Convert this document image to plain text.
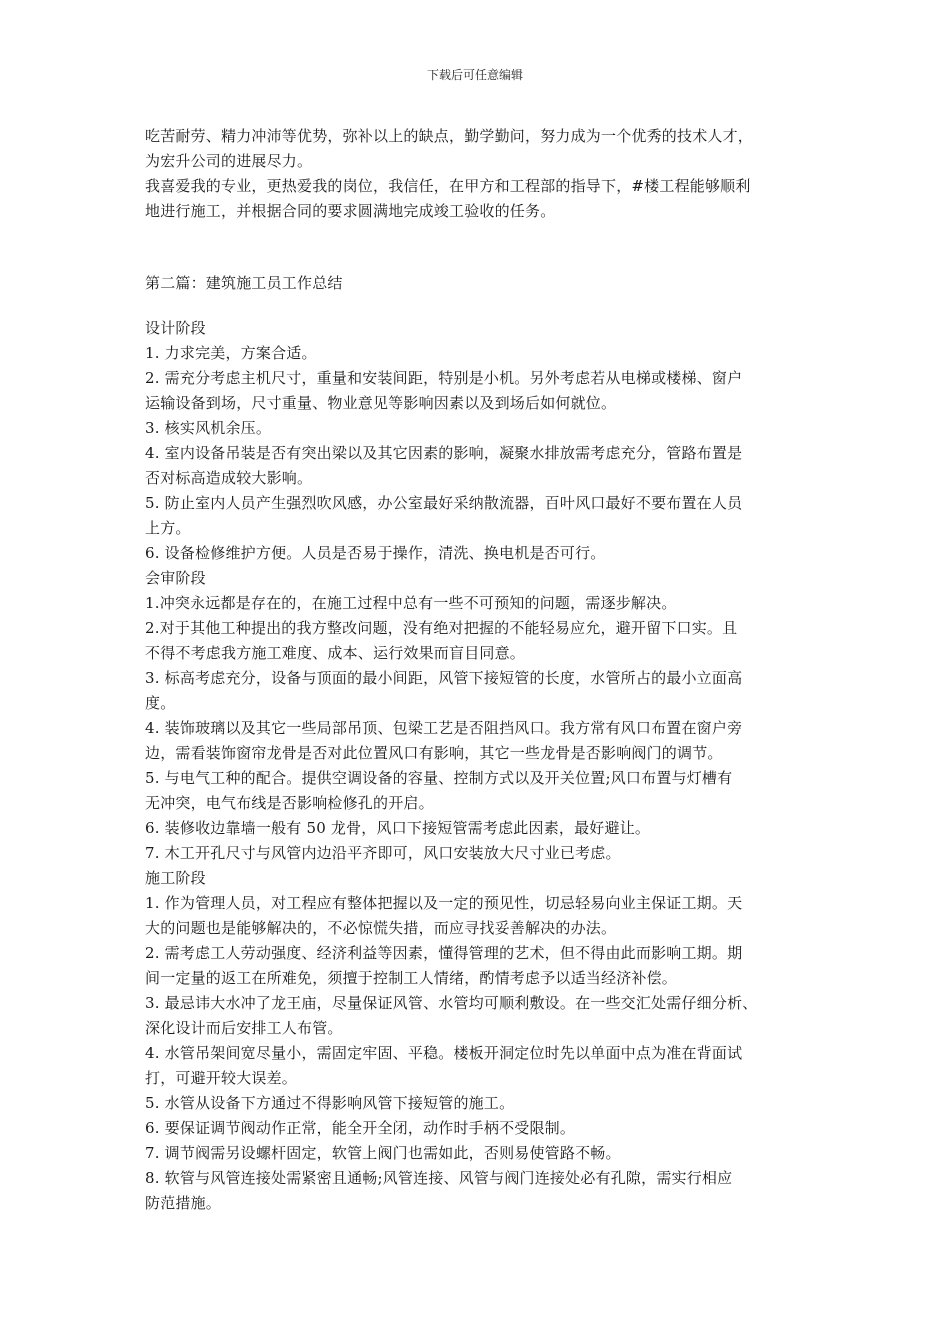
下载后可任意编辑
吃苦耐劳、精力冲沛等优势，弥补以上的缺点，勤学勤问，努力成为一个优秀的技术人才，
为宏升公司的进展尽力。
我喜爱我的专业，更热爱我的岗位，我信任，在甲方和工程部的指导下，#楼工程能够顺利
地进行施工，并根据合同的要求圆满地完成竣工验收的任务。
第二篇：建筑施工员工作总结
设计阶段
1. 力求完美，方案合适。
2. 需充分考虑主机尺寸，重量和安装间距，特别是小机。另外考虑若从电梯或楼梯、窗户
运输设备到场，尺寸重量、物业意见等影响因素以及到场后如何就位。
3. 核实风机余压。
4. 室内设备吊装是否有突出梁以及其它因素的影响，凝聚水排放需考虑充分，管路布置是
否对标高造成较大影响。
5. 防止室内人员产生强烈吹风感，办公室最好采纳散流器，百叶风口最好不要布置在人员
上方。
6. 设备检修维护方便。人员是否易于操作，清洗、换电机是否可行。
会审阶段
1.冲突永远都是存在的，在施工过程中总有一些不可预知的问题，需逐步解决。
2.对于其他工种提出的我方整改问题，没有绝对把握的不能轻易应允，避开留下口实。且
不得不考虑我方施工难度、成本、运行效果而盲目同意。
3. 标高考虑充分，设备与顶面的最小间距，风管下接短管的长度，水管所占的最小立面高
度。
4. 装饰玻璃以及其它一些局部吊顶、包梁工艺是否阻挡风口。我方常有风口布置在窗户旁
边，需看装饰窗帘龙骨是否对此位置风口有影响，其它一些龙骨是否影响阀门的调节。
5. 与电气工种的配合。提供空调设备的容量、控制方式以及开关位置;风口布置与灯槽有
无冲突，电气布线是否影响检修孔的开启。
6. 装修收边靠墙一般有 50 龙骨，风口下接短管需考虑此因素，最好避让。
7. 木工开孔尺寸与风管内边沿平齐即可，风口安装放大尺寸业已考虑。
施工阶段
1. 作为管理人员，对工程应有整体把握以及一定的预见性，切忌轻易向业主保证工期。天
大的问题也是能够解决的，不必惊慌失措，而应寻找妥善解决的办法。
2. 需考虑工人劳动强度、经济利益等因素，懂得管理的艺术，但不得由此而影响工期。期
间一定量的返工在所难免，须擅于控制工人情绪，酌情考虑予以适当经济补偿。
3. 最忌讳大水冲了龙王庙，尽量保证风管、水管均可顺利敷设。在一些交汇处需仔细分析、
深化设计而后安排工人布管。
4. 水管吊架间宽尽量小，需固定牢固、平稳。楼板开洞定位时先以单面中点为准在背面试
打，可避开较大误差。
5. 水管从设备下方通过不得影响风管下接短管的施工。
6. 要保证调节阀动作正常，能全开全闭，动作时手柄不受限制。
7. 调节阀需另设螺杆固定，软管上阀门也需如此，否则易使管路不畅。
8. 软管与风管连接处需紧密且通畅;风管连接、风管与阀门连接处必有孔隙，需实行相应
防范措施。
